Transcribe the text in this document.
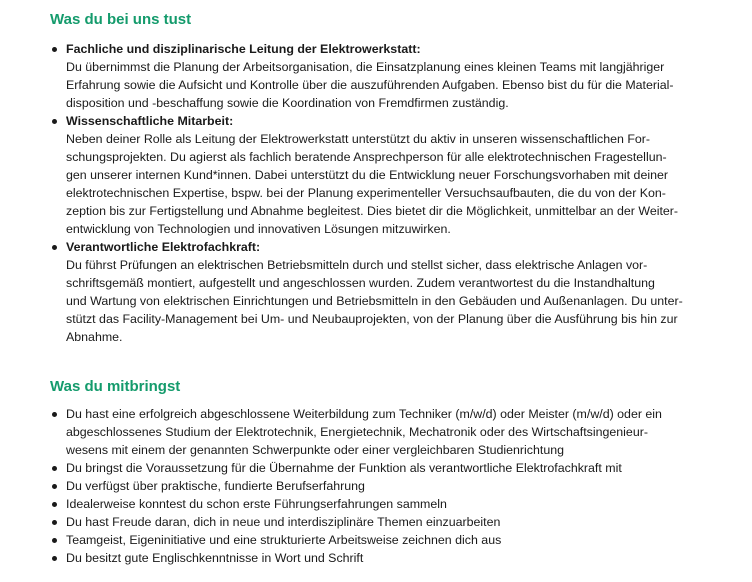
Was du bei uns tust
Fachliche und disziplinarische Leitung der Elektrowerkstatt:
Du übernimmst die Planung der Arbeitsorganisation, die Einsatzplanung eines kleinen Teams mit langjähriger
Erfahrung sowie die Aufsicht und Kontrolle über die auszuführenden Aufgaben. Ebenso bist du für die Material-
disposition und -beschaffung sowie die Koordination von Fremdfirmen zuständig.
Wissenschaftliche Mitarbeit:
Neben deiner Rolle als Leitung der Elektrowerkstatt unterstützt du aktiv in unseren wissenschaftlichen For-
schungsprojekten. Du agierst als fachlich beratende Ansprechperson für alle elektrotechnischen Fragestellun-
gen unserer internen Kund*innen. Dabei unterstützt du die Entwicklung neuer Forschungsvorhaben mit deiner
elektrotechnischen Expertise, bspw. bei der Planung experimenteller Versuchsaufbauten, die du von der Kon-
zeption bis zur Fertigstellung und Abnahme begleitest. Dies bietet dir die Möglichkeit, unmittelbar an der Weiter-
entwicklung von Technologien und innovativen Lösungen mitzuwirken.
Verantwortliche Elektrofachkraft:
Du führst Prüfungen an elektrischen Betriebsmitteln durch und stellst sicher, dass elektrische Anlagen vor-
schriftsgemäß montiert, aufgestellt und angeschlossen wurden. Zudem verantwortest du die Instandhaltung
und Wartung von elektrischen Einrichtungen und Betriebsmitteln in den Gebäuden und Außenanlagen. Du unter-
stützt das Facility-Management bei Um- und Neubauprojekten, von der Planung über die Ausführung bis hin zur
Abnahme.
Was du mitbringst
Du hast eine erfolgreich abgeschlossene Weiterbildung zum Techniker (m/w/d) oder Meister (m/w/d) oder ein
abgeschlossenes Studium der Elektrotechnik, Energietechnik, Mechatronik oder des Wirtschaftsingenieur-
wesens mit einem der genannten Schwerpunkte oder einer vergleichbaren Studienrichtung
Du bringst die Voraussetzung für die Übernahme der Funktion als verantwortliche Elektrofachkraft mit
Du verfügst über praktische, fundierte Berufserfahrung
Idealerweise konntest du schon erste Führungserfahrungen sammeln
Du hast Freude daran, dich in neue und interdisziplinäre Themen einzuarbeiten
Teamgeist, Eigeninitiative und eine strukturierte Arbeitsweise zeichnen dich aus
Du besitzt gute Englischkenntnisse in Wort und Schrift
